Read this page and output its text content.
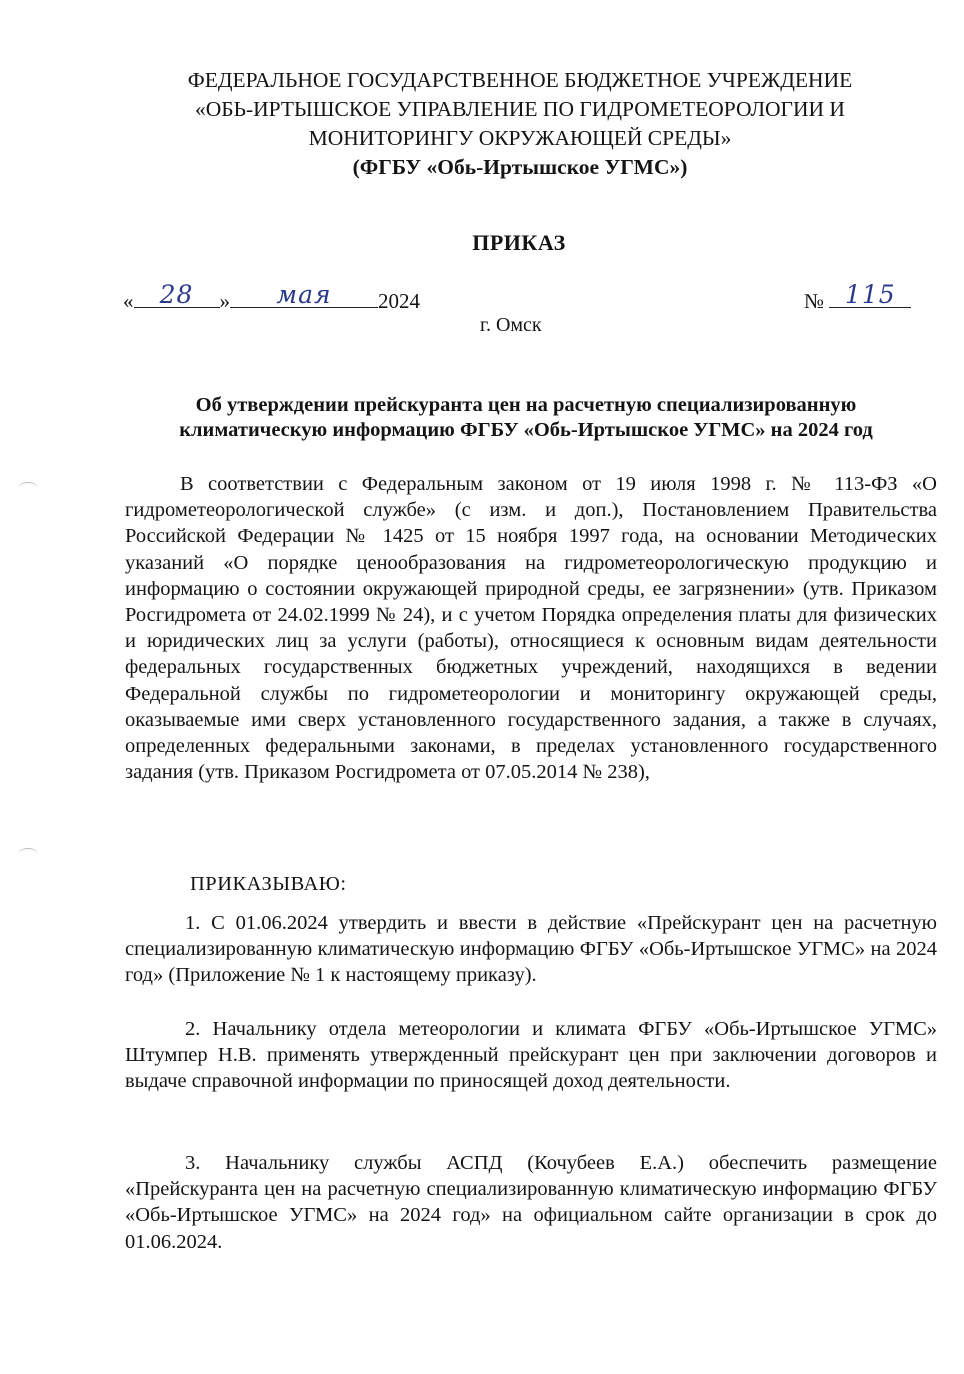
ФЕДЕРАЛЬНОЕ ГОСУДАРСТВЕННОЕ БЮДЖЕТНОЕ УЧРЕЖДЕНИЕ
«ОБЬ-ИРТЫШСКОЕ УПРАВЛЕНИЕ ПО ГИДРОМЕТЕОРОЛОГИИ И
МОНИТОРИНГУ ОКРУЖАЮЩЕЙ СРЕДЫ»
(ФГБУ «Обь-Иртышское УГМС»)
ПРИКАЗ
«	28	»	мая	2024	№ 115
г. Омск
Об утверждении прейскуранта цен на расчетную специализированную
климатическую информацию ФГБУ «Обь-Иртышское УГМС» на 2024 год
В соответствии с Федеральным законом от 19 июля 1998 г. № 113-ФЗ «О гидрометеорологической службе» (с изм. и доп.), Постановлением Правительства Российской Федерации № 1425 от 15 ноября 1997 года, на основании Методических указаний «О порядке ценообразования на гидрометеорологическую продукцию и информацию о состоянии окружающей природной среды, ее загрязнении» (утв. Приказом Росгидромета от 24.02.1999 № 24), и с учетом Порядка определения платы для физических и юридических лиц за услуги (работы), относящиеся к основным видам деятельности федеральных государственных бюджетных учреждений, находящихся в ведении Федеральной службы по гидрометеорологии и мониторингу окружающей среды, оказываемые ими сверх установленного государственного задания, а также в случаях, определенных федеральными законами, в пределах установленного государственного задания (утв. Приказом Росгидромета от 07.05.2014 № 238),
ПРИКАЗЫВАЮ:
1. С 01.06.2024 утвердить и ввести в действие «Прейскурант цен на расчетную специализированную климатическую информацию ФГБУ «Обь-Иртышское УГМС» на 2024 год» (Приложение № 1 к настоящему приказу).
2. Начальнику отдела метеорологии и климата ФГБУ «Обь-Иртышское УГМС» Штумпер Н.В. применять утвержденный прейскурант цен при заключении договоров и выдаче справочной информации по приносящей доход деятельности.
3. Начальнику службы АСПД (Кочубеев Е.А.) обеспечить размещение «Прейскуранта цен на расчетную специализированную климатическую информацию ФГБУ «Обь-Иртышское УГМС» на 2024 год» на официальном сайте организации в срок до 01.06.2024.
